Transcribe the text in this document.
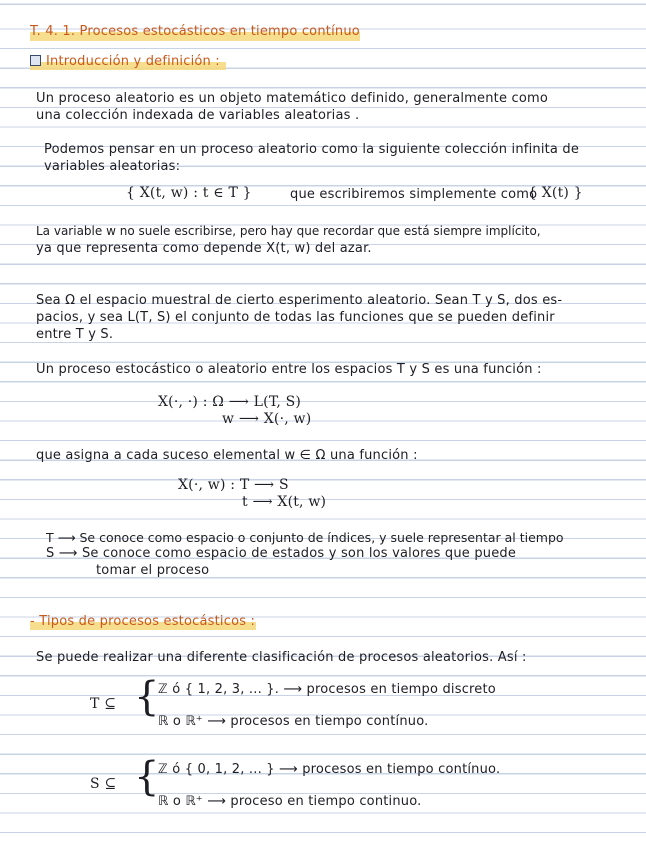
T. 4. 1. Procesos estocásticos en tiempo contínuo
Introducción y definición :
Un proceso aleatorio es un objeto matemático definido, generalmente como
una colección indexada de variables aleatorias .
Podemos pensar en un proceso aleatorio como la siguiente colección infinita de
variables aleatorias:
{ X(t, w) : t ∈ T }	que escribiremos simplemente como
{ X(t) }
La variable w no suele escribirse, pero hay que recordar que está siempre implícito,
ya que representa como depende X(t, w) del azar.
Sea Ω el espacio muestral de cierto esperimento aleatorio. Sean T y S, dos es-
pacios, y sea L(T, S) el conjunto de todas las funciones que se pueden definir
entre T y S.
Un proceso estocástico o aleatorio entre los espacios T y S es una función :
X(·, ·) : Ω ⟶ L(T, S)
w ⟶ X(·, w)
que asigna a cada suceso elemental w ∈ Ω una función :
X(·, w) : T ⟶ S
t ⟶ X(t, w)
T ⟶ Se conoce como espacio o conjunto de índices, y suele representar al tiempo
S ⟶ Se conoce como espacio de estados y son los valores que puede
tomar el proceso
- Tipos de procesos estocásticos :
Se puede realizar una diferente clasificación de procesos aleatorios. Así :
T ⊆ {
ℤ ó { 1, 2, 3, ... }. ⟶ procesos en tiempo discreto
ℝ o ℝ⁺ ⟶ procesos en tiempo contínuo.
S ⊆ {
ℤ ó { 0, 1, 2, ... } ⟶ procesos en tiempo contínuo.
ℝ o ℝ⁺ ⟶ proceso en tiempo continuo.
